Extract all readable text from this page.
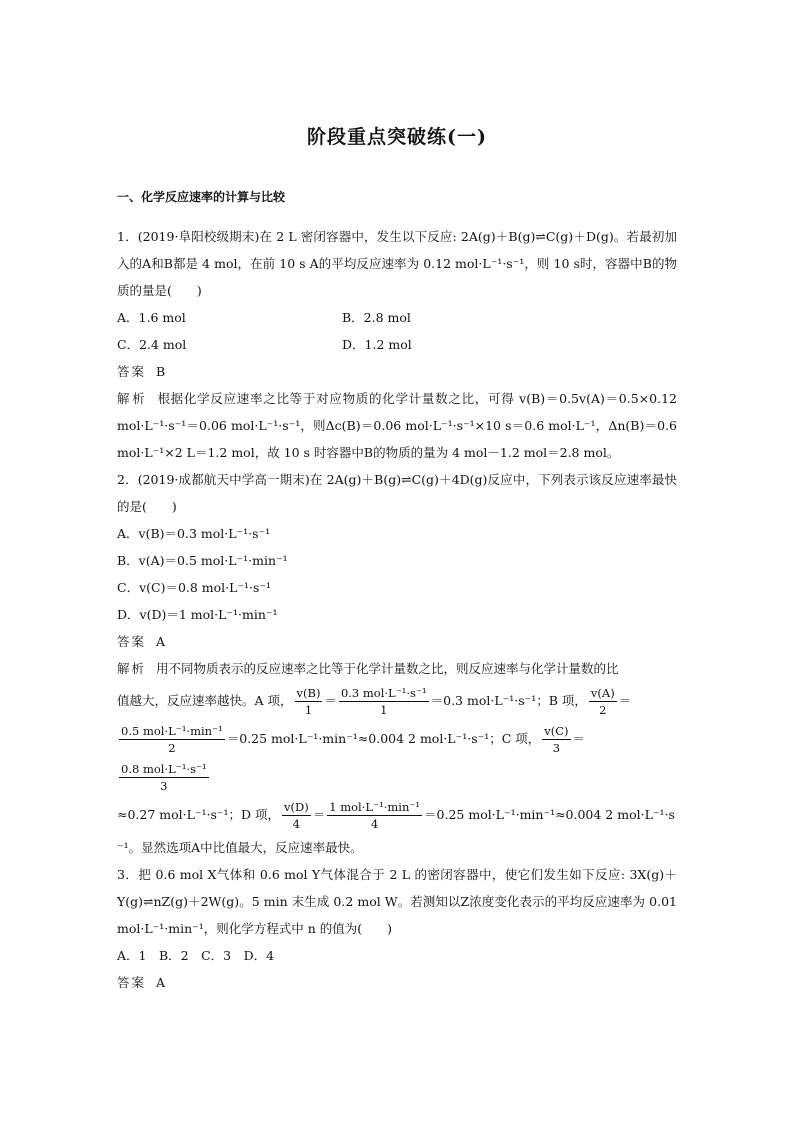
阶段重点突破练(一)

一、化学反应速率的计算与比较

1．(2019·阜阳校级期末)在 2 L 密闭容器中，发生以下反应: 2A(g)＋B(g)⇌C(g)＋D(g)。若最初加入的A和B都是 4 mol，在前 10 s A的平均反应速率为 0.12 mol·L⁻¹·s⁻¹，则 10 s时，容器中B的物质的量是(　　)

A．1.6 mol	B．2.8 mol

C．2.4 mol	D．1.2 mol

答案 B

解析 根据化学反应速率之比等于对应物质的化学计量数之比，可得 v(B)＝0.5v(A)＝0.5×0.12 mol·L⁻¹·s⁻¹＝0.06 mol·L⁻¹·s⁻¹，则Δc(B)＝0.06 mol·L⁻¹·s⁻¹×10 s＝0.6 mol·L⁻¹，Δn(B)＝0.6 mol·L⁻¹×2 L＝1.2 mol，故 10 s 时容器中B的物质的量为 4 mol－1.2 mol＝2.8 mol。

2．(2019·成都航天中学高一期末)在 2A(g)＋B(g)⇌C(g)＋4D(g)反应中，下列表示该反应速率最快的是(　　)

A．v(B)＝0.3 mol·L⁻¹·s⁻¹

B．v(A)＝0.5 mol·L⁻¹·min⁻¹

C．v(C)＝0.8 mol·L⁻¹·s⁻¹

D．v(D)＝1 mol·L⁻¹·min⁻¹

答案 A

解析 用不同物质表示的反应速率之比等于化学计量数之比，则反应速率与化学计量数的比

值越大，反应速率越快。A 项， $\frac{v(B)}{1} = \frac{\text{0.3 mol·L⁻¹·s⁻¹}}{1} =0.3$ mol·L⁻¹·s⁻¹；B 项， $\frac{v(A)}{2}$ ＝

$\frac{\text{0.5 mol·L⁻¹·min⁻¹}}{2} =0.25$ mol·L⁻¹·min⁻¹≈0.004 2 mol·L⁻¹·s⁻¹；C 项， $\frac{v(C)}{3}$ ＝
$\frac{\text{0.8 mol·L⁻¹·s⁻¹}}{3}$

≈0.27 mol·L⁻¹·s⁻¹；D 项， $\frac{v(D)}{4} = \frac{\text{1 mol·L⁻¹·min⁻¹}}{4} =0.25$ mol·L⁻¹·min⁻¹≈0.004 2 mol·L⁻¹·s

⁻¹。显然选项A中比值最大，反应速率最快。

3．把 0.6 mol X气体和 0.6 mol Y气体混合于 2 L 的密闭容器中，使它们发生如下反应: 3X(g)＋Y(g)⇌nZ(g)＋2W(g)。5 min 末生成 0.2 mol W。若测知以Z浓度变化表示的平均反应速率为 0.01 mol·L⁻¹·min⁻¹，则化学方程式中 n 的值为(　　)

A．1　B．2　C．3　D．4

答案 A
